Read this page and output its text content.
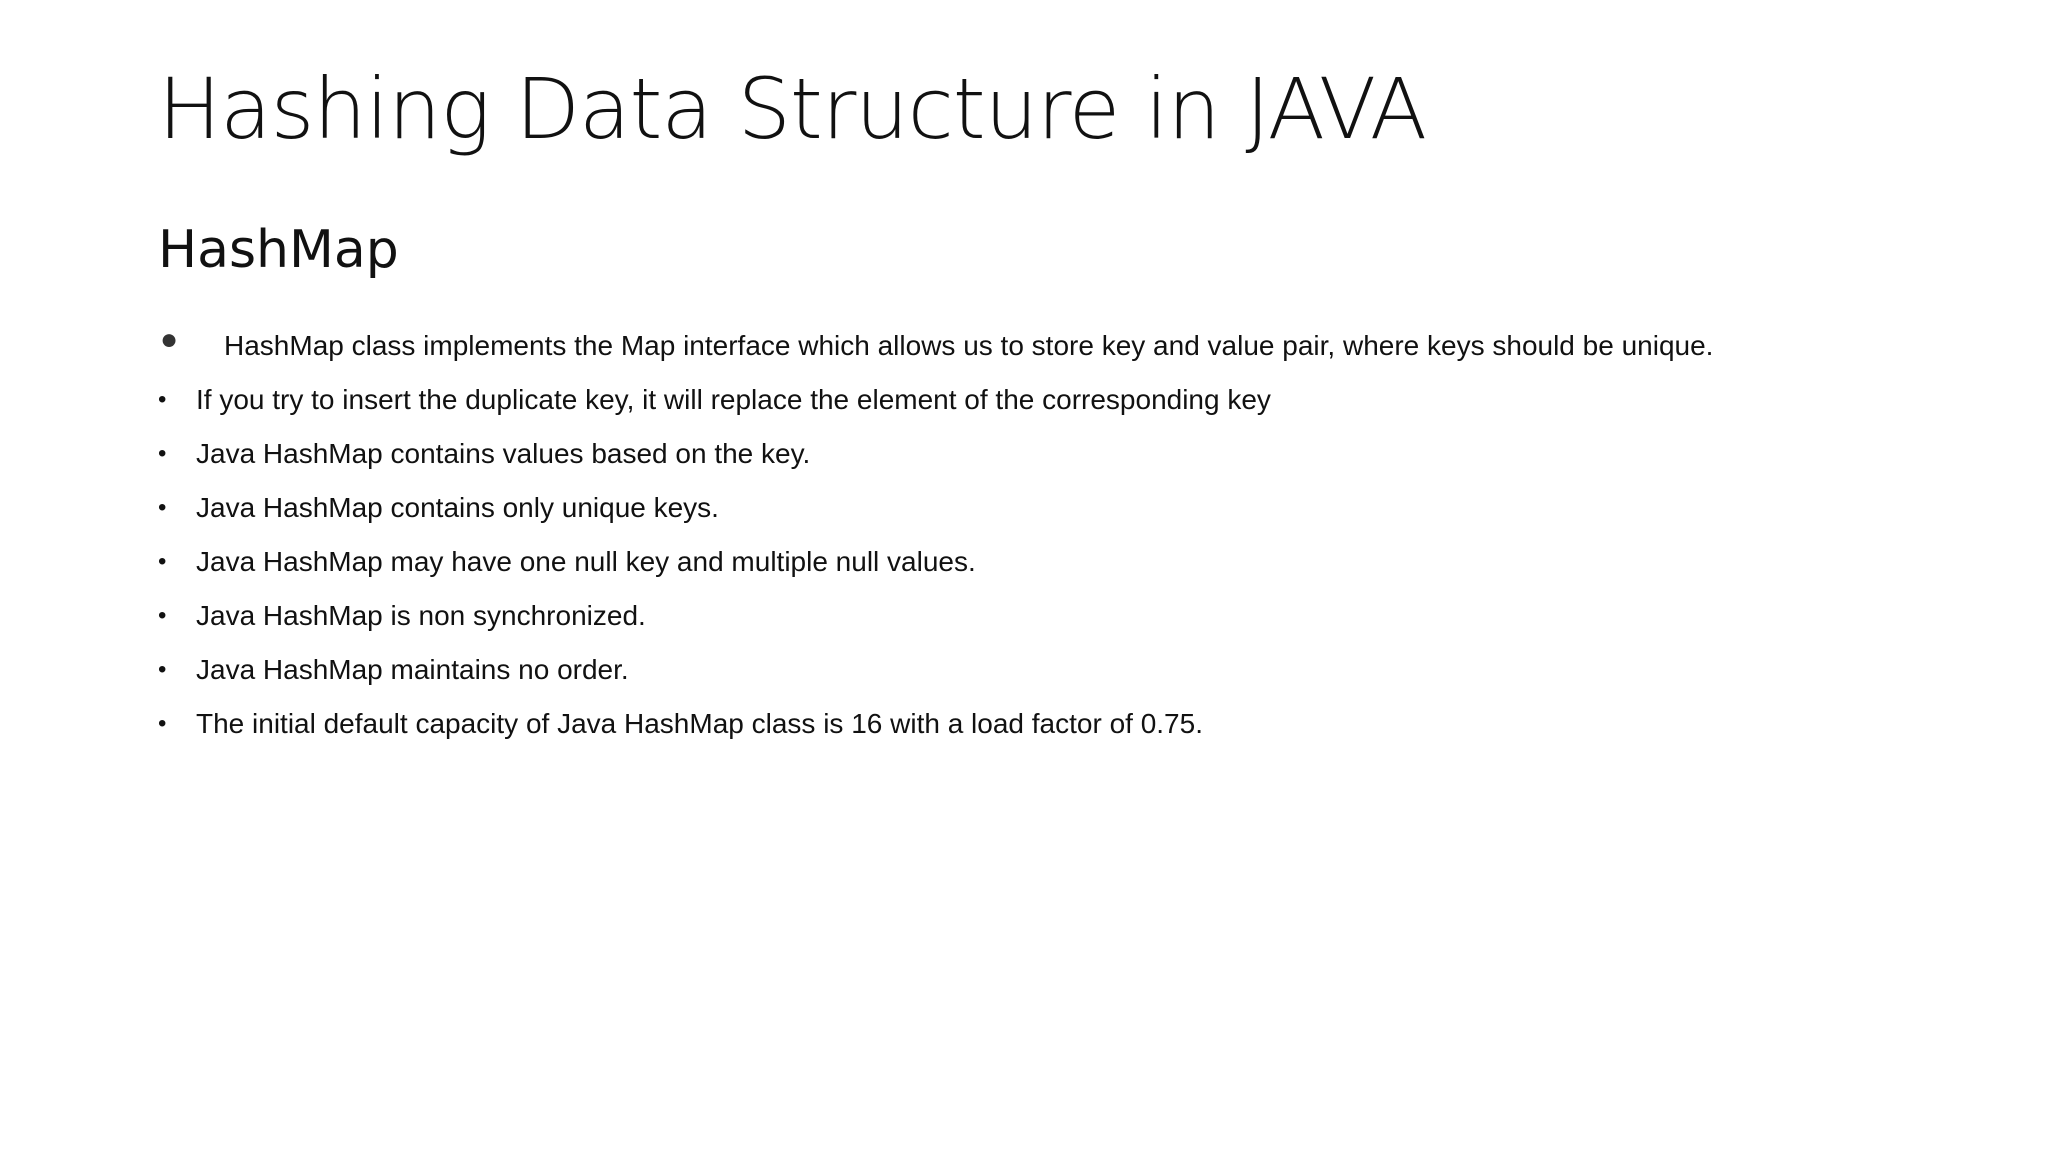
Hashing Data Structure in JAVA
HashMap
●	HashMap class implements the Map interface which allows us to store key and value pair, where keys should be unique.
•	If you try to insert the duplicate key, it will replace the element of the corresponding key
•	Java HashMap contains values based on the key.
•	Java HashMap contains only unique keys.
•	Java HashMap may have one null key and multiple null values.
•	Java HashMap is non synchronized.
•	Java HashMap maintains no order.
•	The initial default capacity of Java HashMap class is 16 with a load factor of 0.75.
